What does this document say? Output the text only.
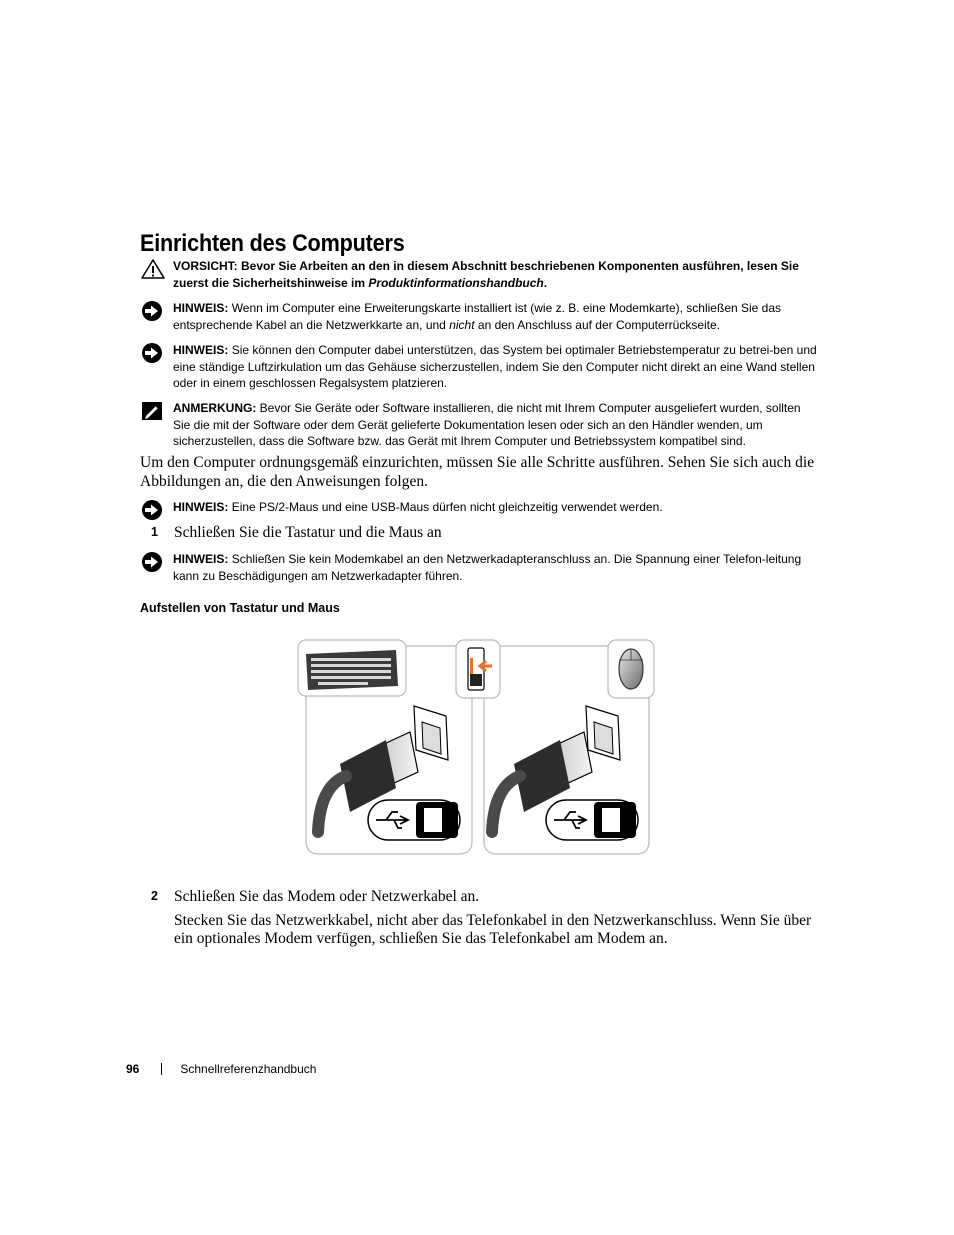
Einrichten des Computers
VORSICHT: Bevor Sie Arbeiten an den in diesem Abschnitt beschriebenen Komponenten ausführen, lesen Sie zuerst die Sicherheitshinweise im Produktinformationshandbuch.
HINWEIS: Wenn im Computer eine Erweiterungskarte installiert ist (wie z. B. eine Modemkarte), schließen Sie das entsprechende Kabel an die Netzwerkkarte an, und nicht an den Anschluss auf der Computerrückseite.
HINWEIS: Sie können den Computer dabei unterstützen, das System bei optimaler Betriebstemperatur zu betrei-ben und eine ständige Luftzirkulation um das Gehäuse sicherzustellen, indem Sie den Computer nicht direkt an eine Wand stellen oder in einem geschlossen Regalsystem platzieren.
ANMERKUNG: Bevor Sie Geräte oder Software installieren, die nicht mit Ihrem Computer ausgeliefert wurden, sollten Sie die mit der Software oder dem Gerät gelieferte Dokumentation lesen oder sich an den Händler wenden, um sicherzustellen, dass die Software bzw. das Gerät mit Ihrem Computer und Betriebssystem kompatibel sind.

Um den Computer ordnungsgemäß einzurichten, müssen Sie alle Schritte ausführen. Sehen Sie sich auch die Abbildungen an, die den Anweisungen folgen.

HINWEIS: Eine PS/2-Maus und eine USB-Maus dürfen nicht gleichzeitig verwendet werden.
1 Schließen Sie die Tastatur und die Maus an
HINWEIS: Schließen Sie kein Modemkabel an den Netzwerkadapteranschluss an. Die Spannung einer Telefon-leitung kann zu Beschädigungen am Netzwerkadapter führen.
Aufstellen von Tastatur und Maus
2 Schließen Sie das Modem oder Netzwerkabel an.
Stecken Sie das Netzwerkkabel, nicht aber das Telefonkabel in den Netzwerkanschluss. Wenn Sie über ein optionales Modem verfügen, schließen Sie das Telefonkabel am Modem an.
96	Schnellreferenzhandbuch
